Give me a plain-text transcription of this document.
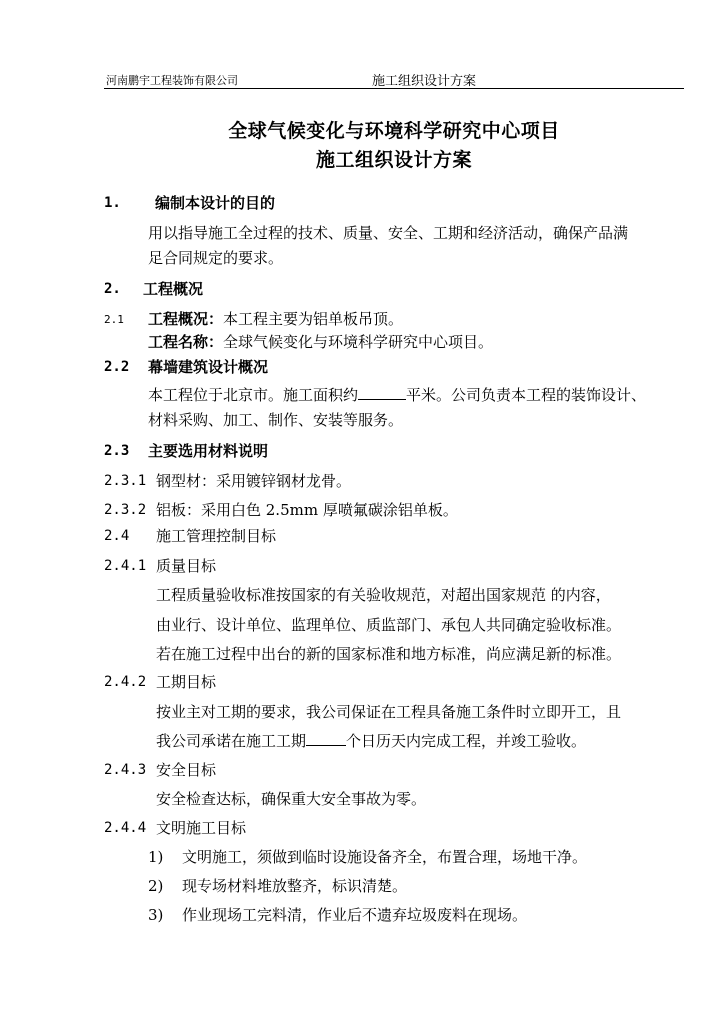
河南鹏宇工程装饰有限公司	施工组织设计方案
全球气候变化与环境科学研究中心项目
施工组织设计方案
1. 编制本设计的目的
用以指导施工全过程的技术、质量、安全、工期和经济活动，确保产品满
足合同规定的要求。
2. 工程概况
2.1 工程概况：本工程主要为铝单板吊顶。
工程名称：全球气候变化与环境科学研究中心项目。
2.2 幕墙建筑设计概况
本工程位于北京市。施工面积约	平米。公司负责本工程的装饰设计、
材料采购、加工、制作、安装等服务。
2.3 主要选用材料说明
2.3.1 钢型材：采用镀锌钢材龙骨。
2.3.2 铝板：采用白色 2.5mm 厚喷氟碳涂铝单板。
2.4 施工管理控制目标
2.4.1 质量目标
工程质量验收标准按国家的有关验收规范，对超出国家规范 的内容，
由业行、设计单位、监理单位、质监部门、承包人共同确定验收标准。
若在施工过程中出台的新的国家标准和地方标准，尚应满足新的标准。
2.4.2 工期目标
按业主对工期的要求，我公司保证在工程具备施工条件时立即开工，且
我公司承诺在施工工期	个日历天内完成工程，并竣工验收。
2.4.3 安全目标
安全检查达标，确保重大安全事故为零。
2.4.4 文明施工目标
1) 文明施工，须做到临时设施设备齐全，布置合理，场地干净。
2) 现专场材料堆放整齐，标识清楚。
3) 作业现场工完料清，作业后不遗弃垃圾废料在现场。
